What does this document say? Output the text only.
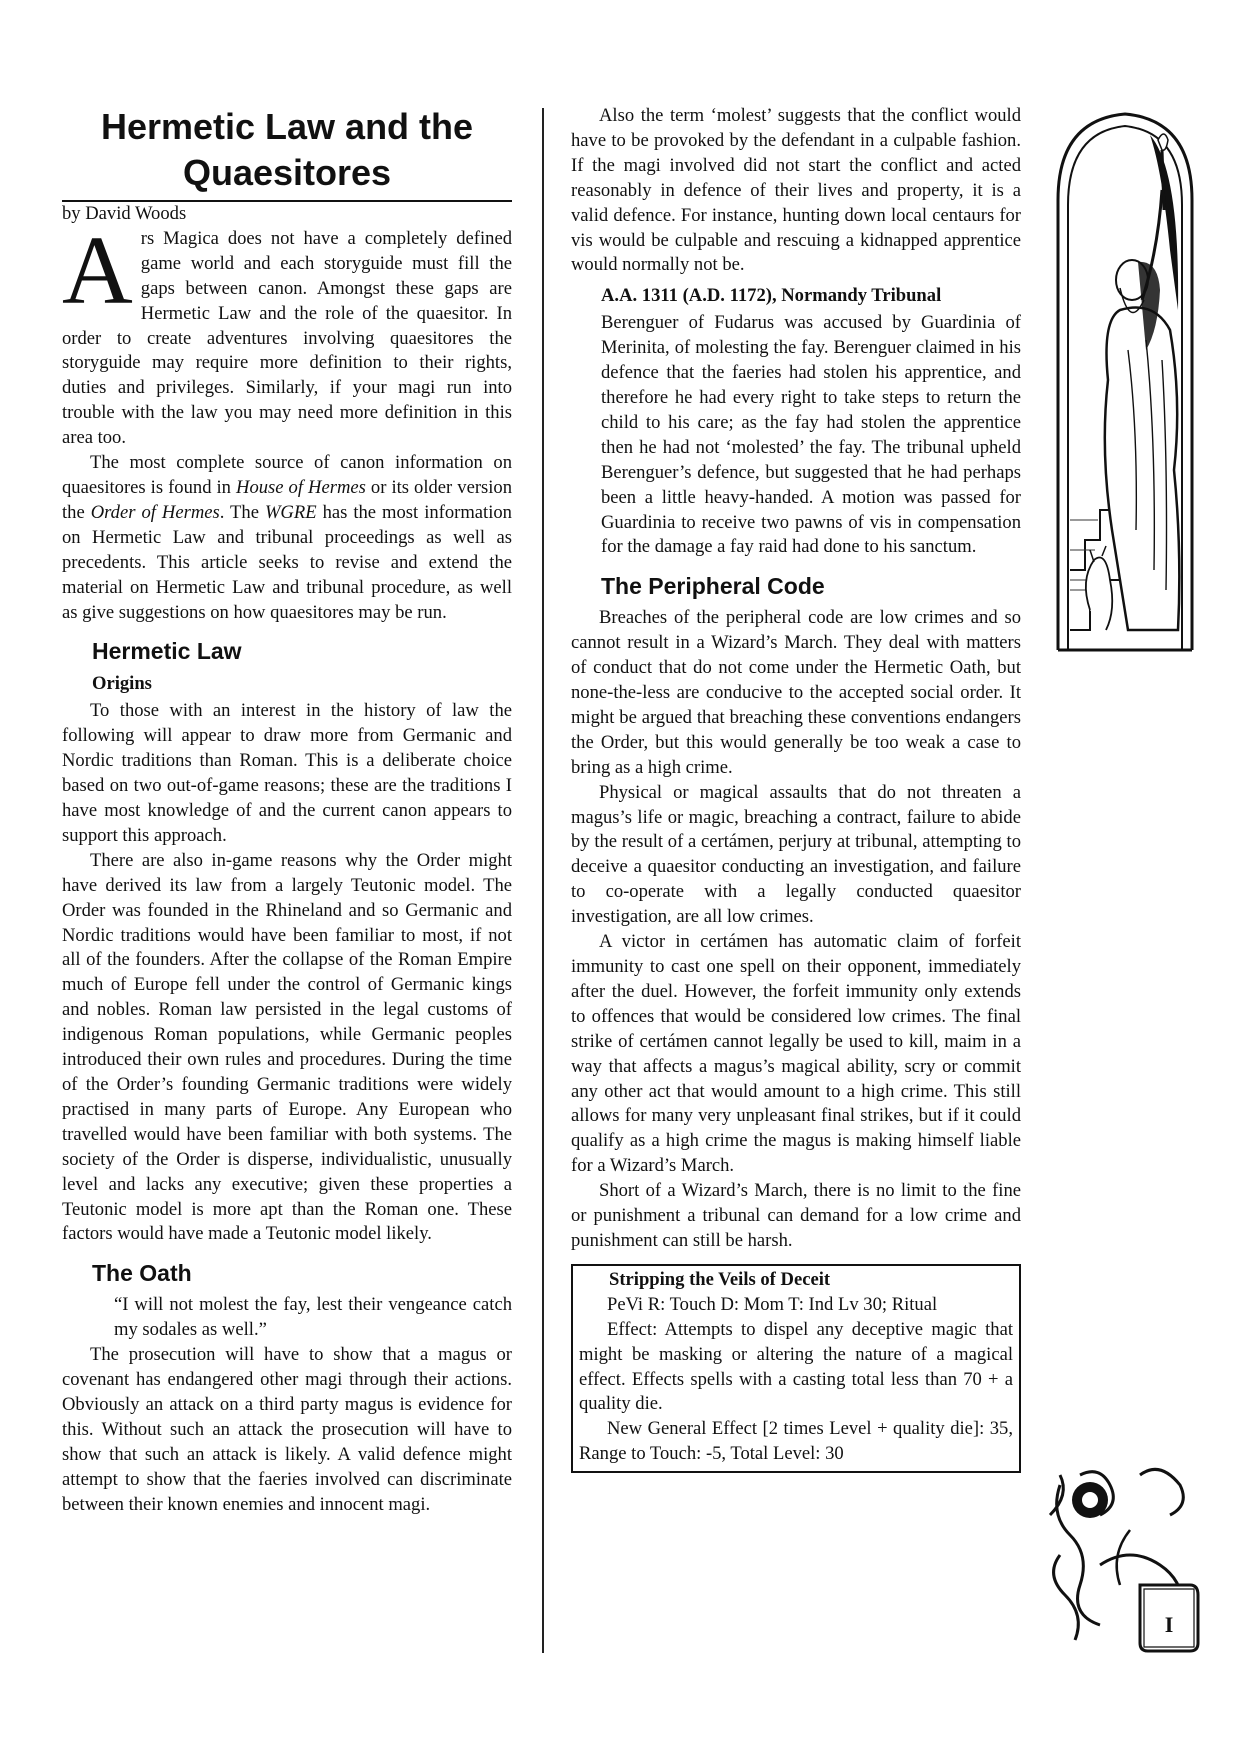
Hermetic Law and the
Quaesitores

by David Woods

Ars Magica does not have a completely defined game world and each storyguide must fill the gaps between canon. Amongst these gaps are Hermetic Law and the role of the quaesitor. In order to create adventures involving quaesitores the storyguide may require more definition to their rights, duties and privileges. Similarly, if your magi run into trouble with the law you may need more definition in this area too.

The most complete source of canon information on quaesitores is found in House of Hermes or its older version the Order of Hermes. The WGRE has the most information on Hermetic Law and tribunal proceedings as well as precedents. This article seeks to revise and extend the material on Hermetic Law and tribunal procedure, as well as give suggestions on how quaesitores may be run.

Hermetic Law
Origins

To those with an interest in the history of law the following will appear to draw more from Germanic and Nordic traditions than Roman. This is a deliberate choice based on two out-of-game reasons; these are the traditions I have most knowledge of and the current canon appears to support this approach.

There are also in-game reasons why the Order might have derived its law from a largely Teutonic model. The Order was founded in the Rhineland and so Germanic and Nordic traditions would have been familiar to most, if not all of the founders. After the collapse of the Roman Empire much of Europe fell under the control of Germanic kings and nobles. Roman law persisted in the legal customs of indigenous Roman populations, while Germanic peoples introduced their own rules and procedures. During the time of the Order’s founding Germanic traditions were widely practised in many parts of Europe. Any European who travelled would have been familiar with both systems. The society of the Order is disperse, individualistic, unusually level and lacks any executive; given these properties a Teutonic model is more apt than the Roman one. These factors would have made a Teutonic model likely.

The Oath

“I will not molest the fay, lest their vengeance catch my sodales as well.”

The prosecution will have to show that a magus or covenant has endangered other magi through their actions. Obviously an attack on a third party magus is evidence for this. Without such an attack the prosecution will have to show that such an attack is likely. A valid defence might attempt to show that the faeries involved can discriminate between their known enemies and innocent magi.

Also the term ‘molest’ suggests that the conflict would have to be provoked by the defendant in a culpable fashion. If the magi involved did not start the conflict and acted reasonably in defence of their lives and property, it is a valid defence. For instance, hunting down local centaurs for vis would be culpable and rescuing a kidnapped apprentice would normally not be.

A.A. 1311 (A.D. 1172), Normandy Tribunal

Berenguer of Fudarus was accused by Guardinia of Merinita, of molesting the fay. Berenguer claimed in his defence that the faeries had stolen his apprentice, and therefore he had every right to take steps to return the child to his care; as the fay had stolen the apprentice then he had not ‘molested’ the fay. The tribunal upheld Berenguer’s defence, but suggested that he had perhaps been a little heavy-handed. A motion was passed for Guardinia to receive two pawns of vis in compensation for the damage a fay raid had done to his sanctum.

The Peripheral Code

Breaches of the peripheral code are low crimes and so cannot result in a Wizard’s March. They deal with matters of conduct that do not come under the Hermetic Oath, but none-the-less are conducive to the accepted social order. It might be argued that breaching these conventions endangers the Order, but this would generally be too weak a case to bring as a high crime.

Physical or magical assaults that do not threaten a magus’s life or magic, breaching a contract, failure to abide by the result of a certámen, perjury at tribunal, attempting to deceive a quaesitor conducting an investigation, and failure to co-operate with a legally conducted quaesitor investigation, are all low crimes.

A victor in certámen has automatic claim of forfeit immunity to cast one spell on their opponent, immediately after the duel. However, the forfeit immunity only extends to offences that would be considered low crimes. The final strike of certámen cannot legally be used to kill, maim in a way that affects a magus’s magical ability, scry or commit any other act that would amount to a high crime. This still allows for many very unpleasant final strikes, but if it could qualify as a high crime the magus is making himself liable for a Wizard’s March.

Short of a Wizard’s March, there is no limit to the fine or punishment a tribunal can demand for a low crime and punishment can still be harsh.

Stripping the Veils of Deceit

PeVi R: Touch D: Mom T: Ind Lv 30; Ritual

Effect: Attempts to dispel any deceptive magic that might be masking or altering the nature of a magical effect. Effects spells with a casting total less than 70 + a quality die.

New General Effect [2 times Level + quality die]: 35, Range to Touch: -5, Total Level: 30

I
